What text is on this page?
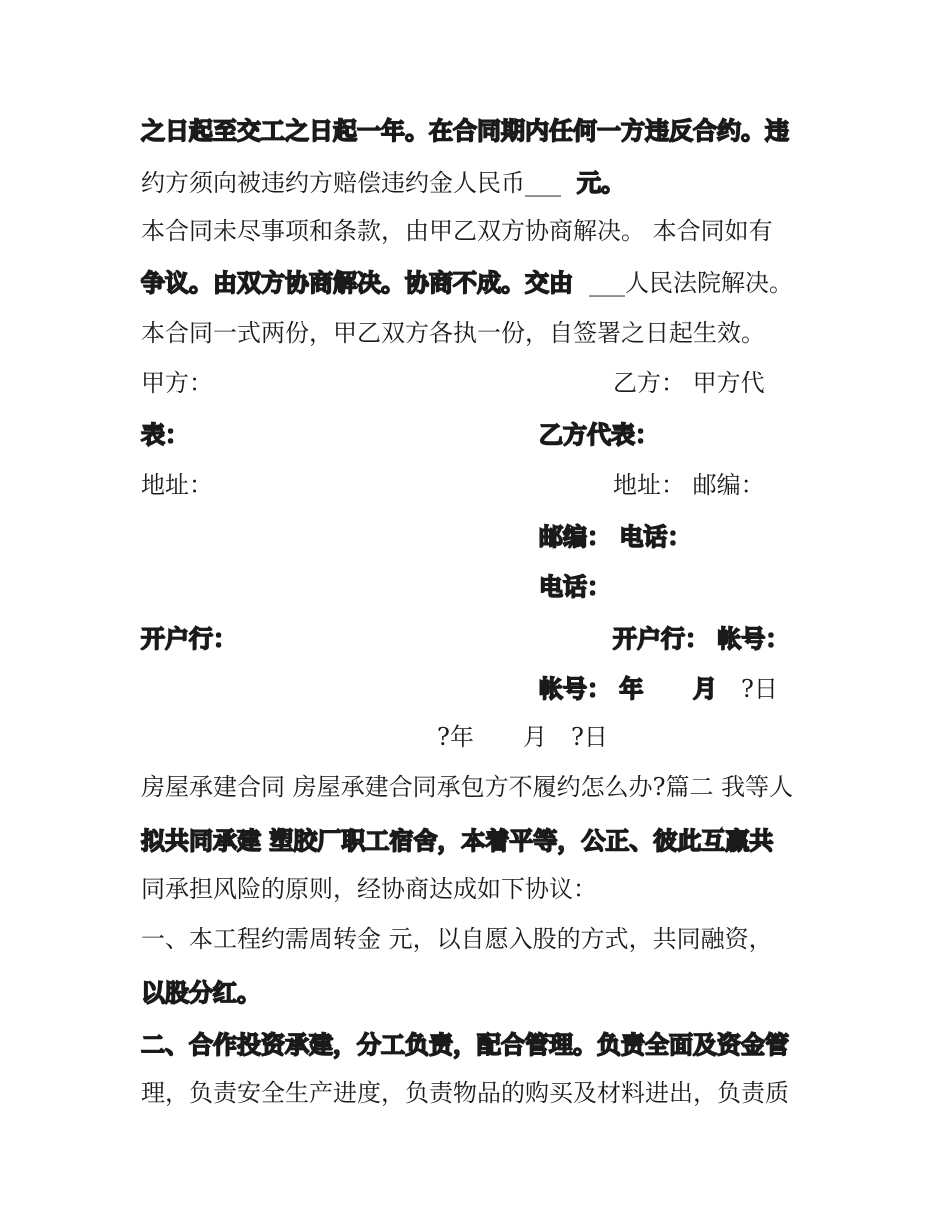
之日起至交工之日起一年。在合同期内任何一方违反合约。违
约方须向被违约方赔偿违约金人民币___ 元。
本合同未尽事项和条款，由甲乙双方协商解决。 本合同如有
争议。由双方协商解决。协商不成。交由 ___人民法院解决。
本合同一式两份，甲乙双方各执一份，自签署之日起生效。
甲方：	乙方： 甲方代
表：	乙方代表：
地址：	地址： 邮编：
邮编： 电话：
电话：
开户行：	开户行： 帐号：
帐号： 年 月 ?日
?年 月 ?日
房屋承建合同 房屋承建合同承包方不履约怎么办?篇二 我等人
拟共同承建 塑胶厂职工宿舍，本着平等，公正、彼此互赢共
同承担风险的原则，经协商达成如下协议：
一、本工程约需周转金 元，以自愿入股的方式，共同融资，
以股分红。
二、合作投资承建，分工负责，配合管理。负责全面及资金管
理，负责安全生产进度，负责物品的购买及材料进出，负责质
